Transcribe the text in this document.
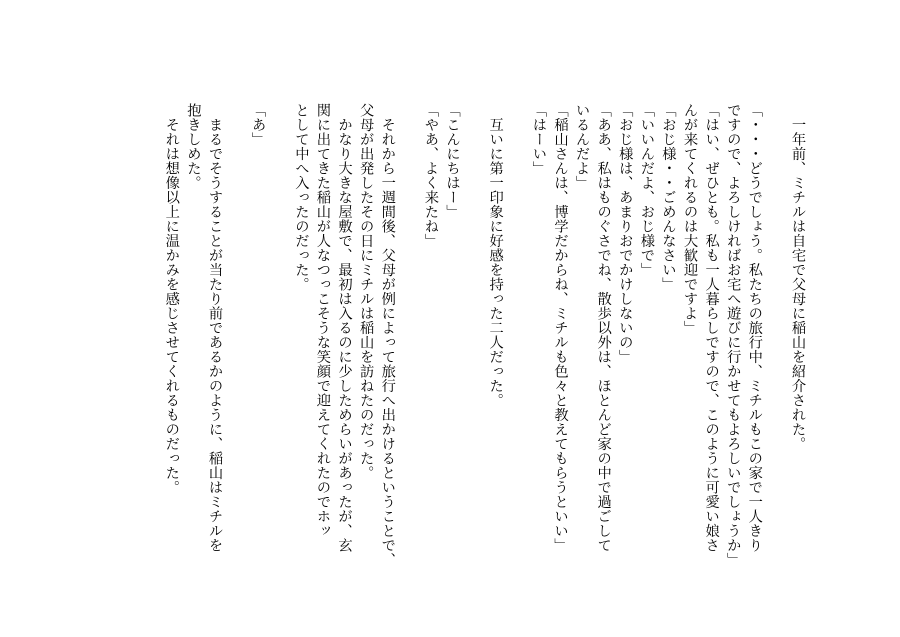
　一年前、ミチルは自宅で父母に稲山を紹介された。
「・・・どうでしょう。私たちの旅行中、ミチルもこの家で一人きり
ですので、よろしければお宅へ遊びに行かせてもよろしいでしょうか」
「はい、ぜひとも。私も一人暮らしですので、このように可愛い娘さ
んが来てくれるのは大歓迎ですよ」
「おじ様・・ごめんなさい」
「いいんだよ、おじ様で」
「おじ様は、あまりおでかけしないの」
「ああ、私はものぐさでね、散歩以外は、ほとんど家の中で過ごして
いるんだよ」
「稲山さんは、博学だからね、ミチルも色々と教えてもらうといい」
「はーい」
　互いに第一印象に好感を持った二人だった。
「こんにちはー」
「やあ、よく来たね」
　それから一週間後、父母が例によって旅行へ出かけるということで、
父母が出発したその日にミチルは稲山を訪ねたのだった。
　かなり大きな屋敷で、最初は入るのに少しためらいがあったが、玄
関に出てきた稲山が人なつっこそうな笑顔で迎えてくれたのでホッ
として中へ入ったのだった。
「あ」
　まるでそうすることが当たり前であるかのように、稲山はミチルを
抱きしめた。
　それは想像以上に温かみを感じさせてくれるものだった。
